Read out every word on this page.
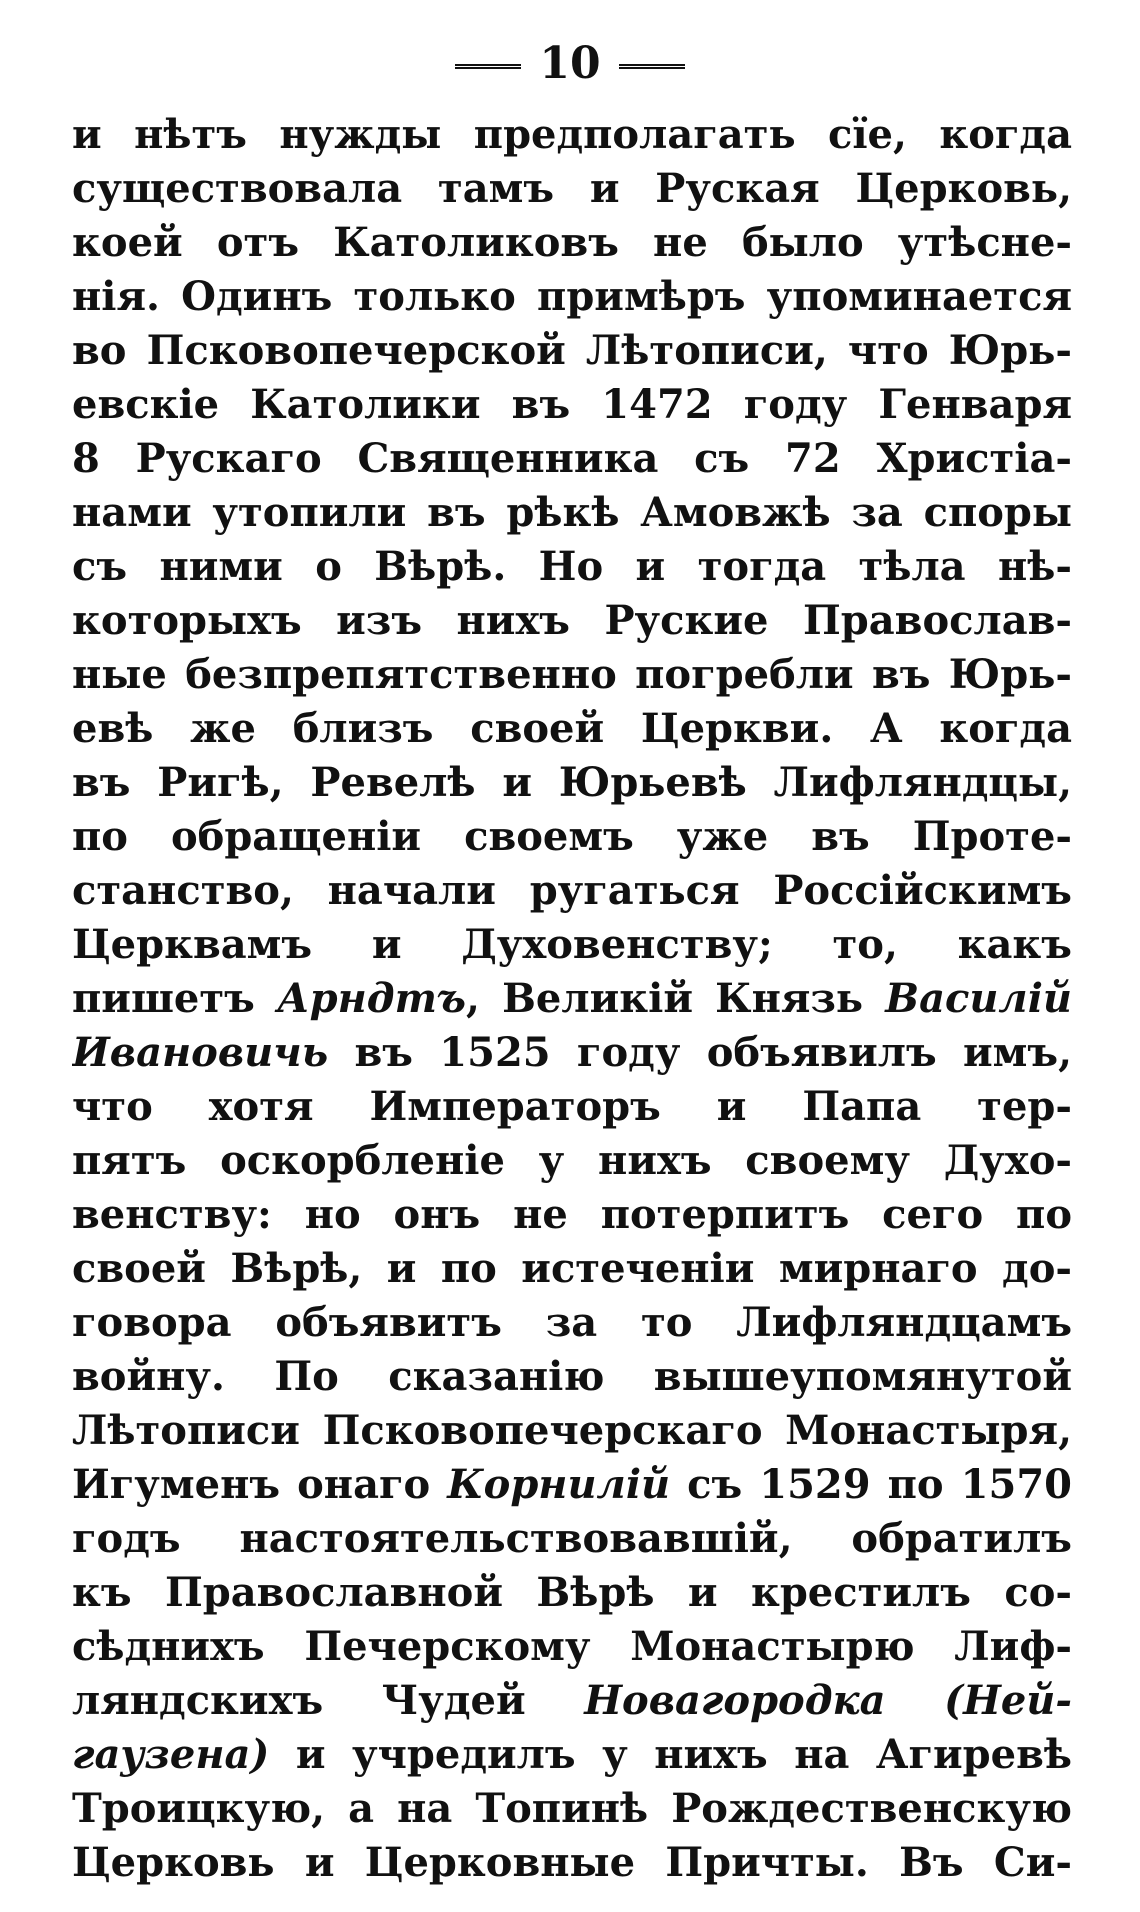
10
и нѣтъ нужды предполагать сїе, когда
существовала тамъ и Руская Церковь,
коей отъ Католиковъ не было утѣсне-
нія. Одинъ только примѣръ упоминается
во Псковопечерской Лѣтописи, что Юрь-
евскіе Католики въ 1472 году Генваря
8 Рускаго Священника съ 72 Христіа-
нами утопили въ рѣкѣ Амовжѣ за споры
съ ними о Вѣрѣ. Но и тогда тѣла нѣ-
которыхъ изъ нихъ Руские Православ-
ные безпрепятственно погребли въ Юрь-
евѣ же близъ своей Церкви. А когда
въ Ригѣ, Ревелѣ и Юрьевѣ Лифляндцы,
по обращеніи своемъ уже въ Проте-
станство, начали ругаться Россійскимъ
Церквамъ и Духовенству; то, какъ
пишетъ Арндтъ, Великій Князь Василій
Ивановичь въ 1525 году объявилъ имъ,
что хотя Императоръ и Папа тер-
пятъ оскорбленіе у нихъ своему Духо-
венству: но онъ не потерпитъ сего по
своей Вѣрѣ, и по истеченіи мирнаго до-
говора объявитъ за то Лифляндцамъ
войну. По сказанію вышеупомянутой
Лѣтописи Псковопечерскаго Монастыря,
Игуменъ онаго Корнилій съ 1529 по 1570
годъ настоятельствовавшій, обратилъ
къ Православной Вѣрѣ и крестилъ со-
сѣднихъ Печерскому Монастырю Лиф-
ляндскихъ Чудей Новагородка (Ней-
гаузена) и учредилъ у нихъ на Агиревѣ
Троицкую, а на Топинѣ Рождественскую
Церковь и Церковные Причты. Въ Си-
